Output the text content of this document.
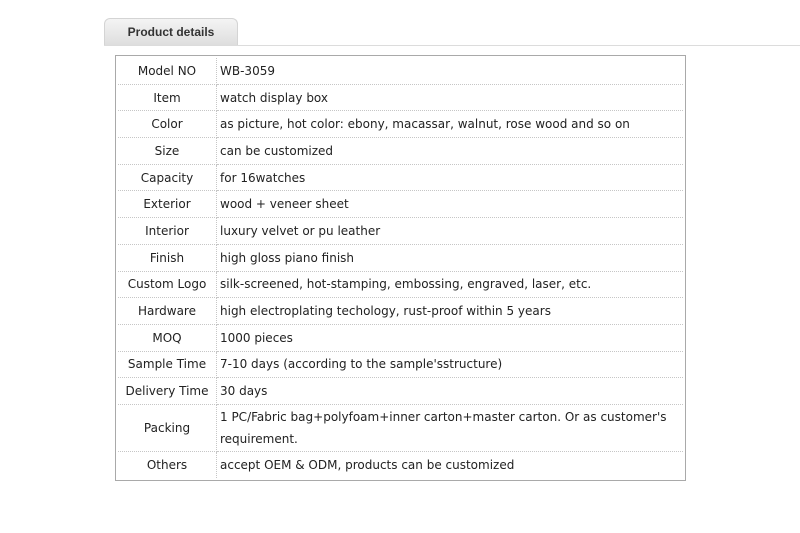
Product details
Model NO	WB-3059
Item	watch display box
Color	as picture, hot color: ebony, macassar, walnut, rose wood and so on
Size	can be customized
Capacity	for 16watches
Exterior	wood + veneer sheet
Interior	luxury velvet or pu leather
Finish	high gloss piano finish
Custom Logo	silk-screened, hot-stamping, embossing, engraved, laser, etc.
Hardware	high electroplating techology, rust-proof within 5 years
MOQ	1000 pieces
Sample Time	7-10 days (according to the sample'sstructure)
Delivery Time	30 days
Packing	1 PC/Fabric bag+polyfoam+inner carton+master carton. Or as customer's requirement.
Others	accept OEM & ODM, products can be customized
